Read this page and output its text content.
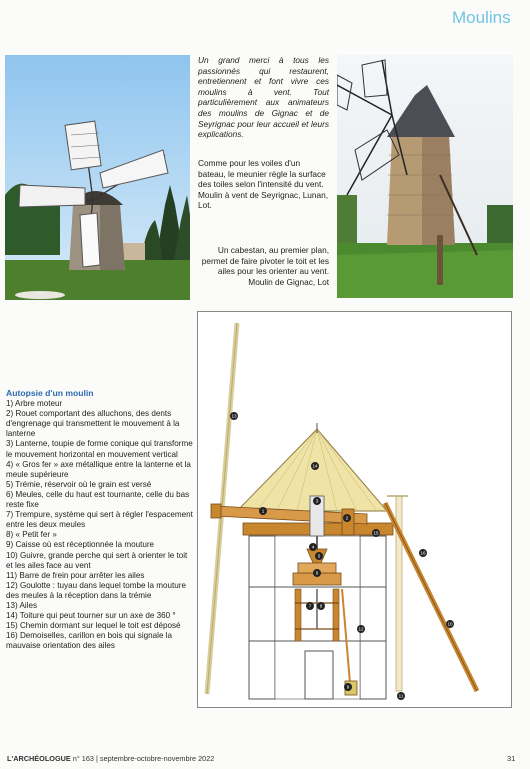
Moulins
Un grand merci à tous les passionnés qui restaurent, entretiennent et font vivre ces moulins à vent. Tout particulièrement aux animateurs des moulins de Gignac et de Seyrignac pour leur accueil et leurs explications.
Comme pour les voiles d'un bateau, le meunier règle la surface des toiles selon l'intensité du vent. Moulin à vent de Seyrignac, Lunan, Lot.
Un cabestan, au premier plan, permet de faire pivoter le toit et les ailes pour les orienter au vent.
Moulin de Gignac, Lot
Autopsie d'un moulin
1) Arbre moteur
2) Rouet comportant des alluchons, des dents d'engrenage qui transmettent le mouvement à la lanterne
3) Lanterne, toupie de forme conique qui transforme le mouvement horizontal en mouvement vertical
4) « Gros fer » axe métallique entre la lanterne et la meule supérieure
5) Trémie, réservoir où le grain est versé
6) Meules, celle du haut est tournante, celle du bas reste fixe
7) Trempure, système qui sert à régler l'espacement entre les deux meules
8) « Petit fer »
9) Caisse où est réceptionnée la mouture
10) Guivre, grande perche qui sert à orienter le toit et les ailes face au vent
11) Barre de frein pour arrêter les ailes
12) Goulotte : tuyau dans lequel tombe la mouture des meules à la réception dans la trémie
13) Ailes
14) Toiture qui peut tourner sur un axe de 360 °
15) Chemin dormant sur lequel le toit est déposé
16) Demoiselles, carillon en bois qui signale la mauvaise orientation des ailes
1
2
3
4
5
6
7 8
9
10
11
12
13
14
15
16
L'ARCHÉOLOGUE n° 163 | septembre-octobre-novembre 2022	31
